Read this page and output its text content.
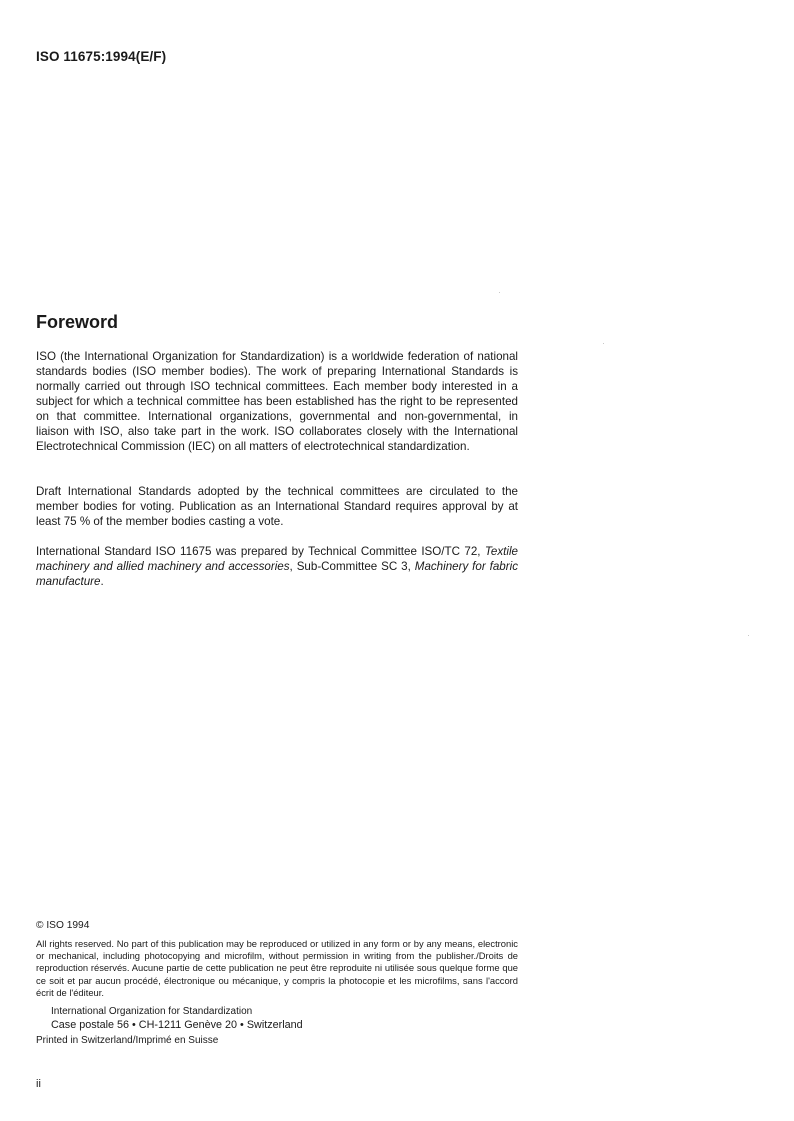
ISO 11675:1994(E/F)
Foreword
ISO (the International Organization for Standardization) is a worldwide federation of national standards bodies (ISO member bodies). The work of preparing International Standards is normally carried out through ISO technical committees. Each member body interested in a subject for which a technical committee has been established has the right to be represented on that committee. International organizations, governmental and non-governmental, in liaison with ISO, also take part in the work. ISO collaborates closely with the International Electrotechnical Commission (IEC) on all matters of electrotechnical standardization.
Draft International Standards adopted by the technical committees are circulated to the member bodies for voting. Publication as an International Standard requires approval by at least 75 % of the member bodies casting a vote.
International Standard ISO 11675 was prepared by Technical Committee ISO/TC 72, Textile machinery and allied machinery and accessories, Sub-Committee SC 3, Machinery for fabric manufacture.
© ISO 1994
All rights reserved. No part of this publication may be reproduced or utilized in any form or by any means, electronic or mechanical, including photocopying and microfilm, without permission in writing from the publisher./Droits de reproduction réservés. Aucune partie de cette publication ne peut être reproduite ni utilisée sous quelque forme que ce soit et par aucun procédé, électronique ou mécanique, y compris la photocopie et les microfilms, sans l'accord écrit de l'éditeur.
International Organization for Standardization
Case postale 56 • CH-1211 Genève 20 • Switzerland
Printed in Switzerland/Imprimé en Suisse
ii
